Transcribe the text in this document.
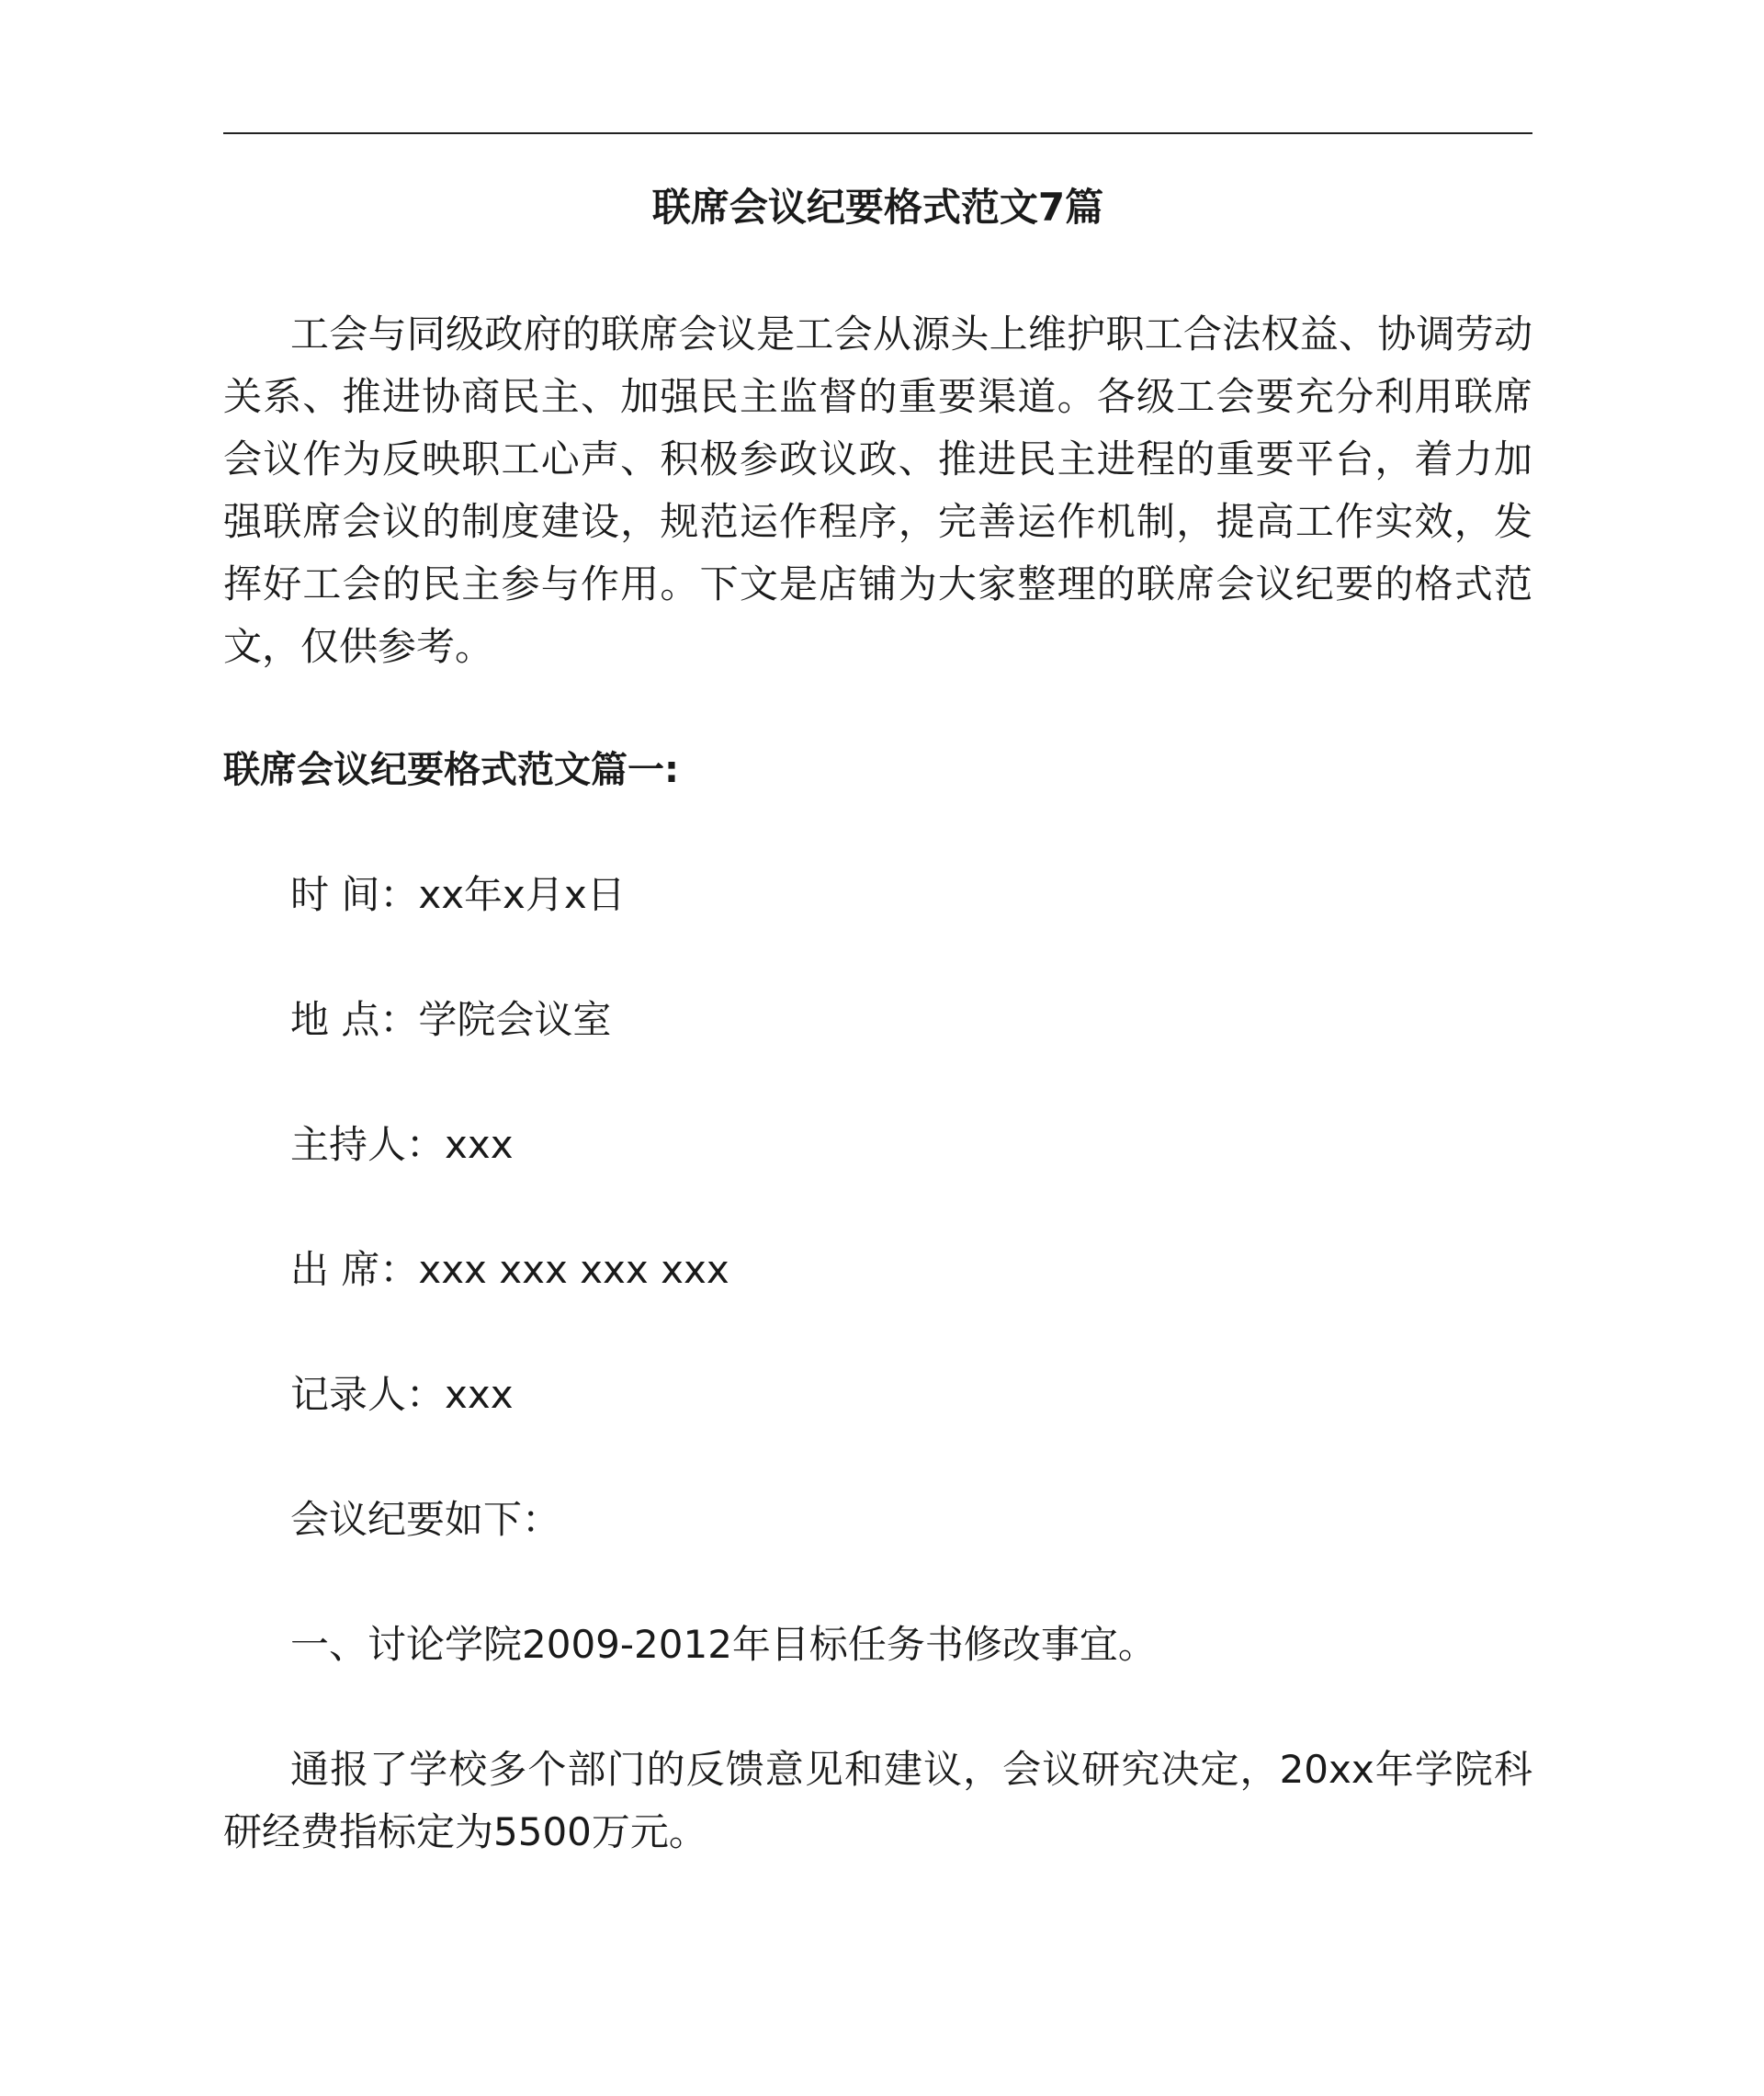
联席会议纪要格式范文7篇

工会与同级政府的联席会议是工会从源头上维护职工合法权益、协调劳动关系、推进协商民主、加强民主监督的重要渠道。各级工会要充分利用联席会议作为反映职工心声、积极参政议政、推进民主进程的重要平台，着力加强联席会议的制度建设，规范运作程序，完善运作机制，提高工作实效，发挥好工会的民主参与作用。下文是店铺为大家整理的联席会议纪要的格式范文，仅供参考。

联席会议纪要格式范文篇一:

时 间：xx年x月x日

地 点：学院会议室

主持人：xxx

出 席：xxx xxx xxx xxx

记录人：xxx

会议纪要如下：

一、讨论学院2009-2012年目标任务书修改事宜。

通报了学校多个部门的反馈意见和建议，会议研究决定，20xx年学院科研经费指标定为5500万元。
